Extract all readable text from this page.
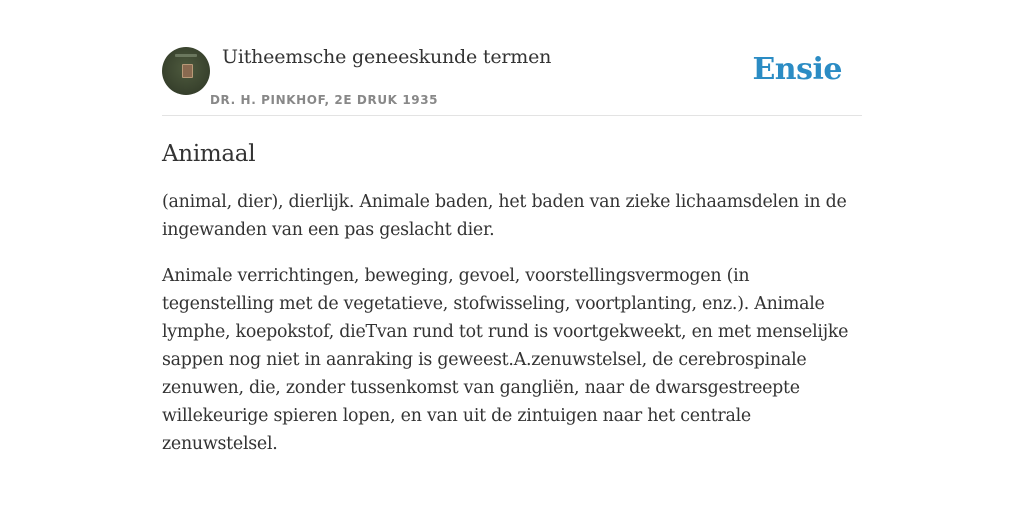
Uitheemsche geneeskunde termen
DR. H. PINKHOF, 2E DRUK 1935
Ensie
Animaal

(animal, dier), dierlijk. Animale baden, het baden van zieke lichaamsdelen in de ingewanden van een pas geslacht dier.

Animale verrichtingen, beweging, gevoel, voorstellingsvermogen (in tegenstelling met de vegetatieve, stofwisseling, voortplanting, enz.). Animale lymphe, koepokstof, dieTvan rund tot rund is voortgekweekt, en met menselijke sappen nog niet in aanraking is geweest.A.zenuwstelsel, de cerebrospinale zenuwen, die, zonder tussenkomst van gangliën, naar de dwarsgestreepte willekeurige spieren lopen, en van uit de zintuigen naar het centrale zenuwstelsel.
